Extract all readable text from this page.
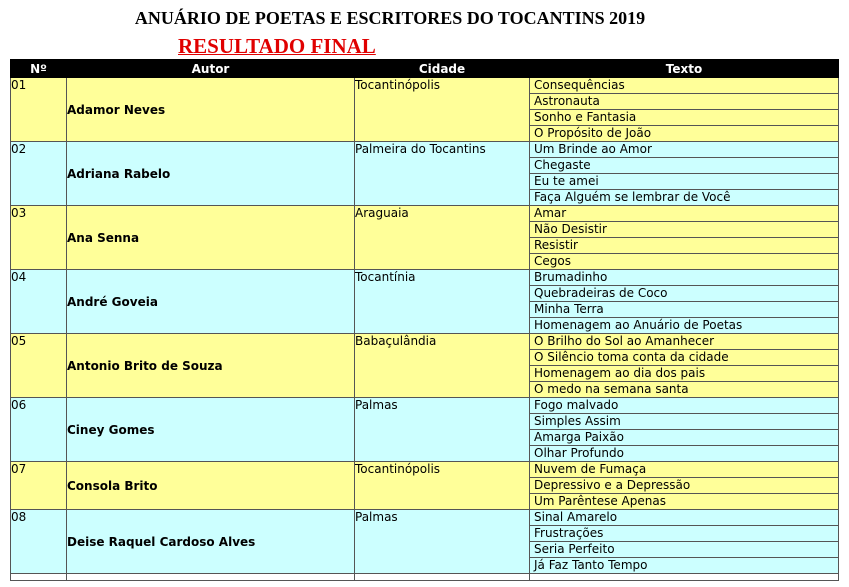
ANUÁRIO DE POETAS E ESCRITORES DO TOCANTINS 2019
RESULTADO FINAL
Nº	Autor	Cidade	Texto
01	Adamor Neves	Tocantinópolis	Consequências
Astronauta
Sonho e Fantasia
O Propósito de João

02	Adriana Rabelo	Palmeira do Tocantins	Um Brinde ao Amor
Chegaste
Eu te amei
Faça Alguém se lembrar de Você

03	Ana Senna	Araguaia	Amar
Não Desistir
Resistir
Cegos

04	André Goveia	Tocantínia	Brumadinho
Quebradeiras de Coco
Minha Terra
Homenagem ao Anuário de Poetas

05	Antonio Brito de Souza	Babaçulândia	O Brilho do Sol ao Amanhecer
O Silêncio toma conta da cidade
Homenagem ao dia dos pais
O medo na semana santa

06	Ciney Gomes	Palmas	Fogo malvado
Simples Assim
Amarga Paixão
Olhar Profundo

07	Consola Brito	Tocantinópolis	Nuvem de Fumaça
Depressivo e a Depressão
Um Parêntese Apenas

08	Deise Raquel Cardoso Alves	Palmas	Sinal Amarelo
Frustrações
Seria Perfeito
Já Faz Tanto Tempo
